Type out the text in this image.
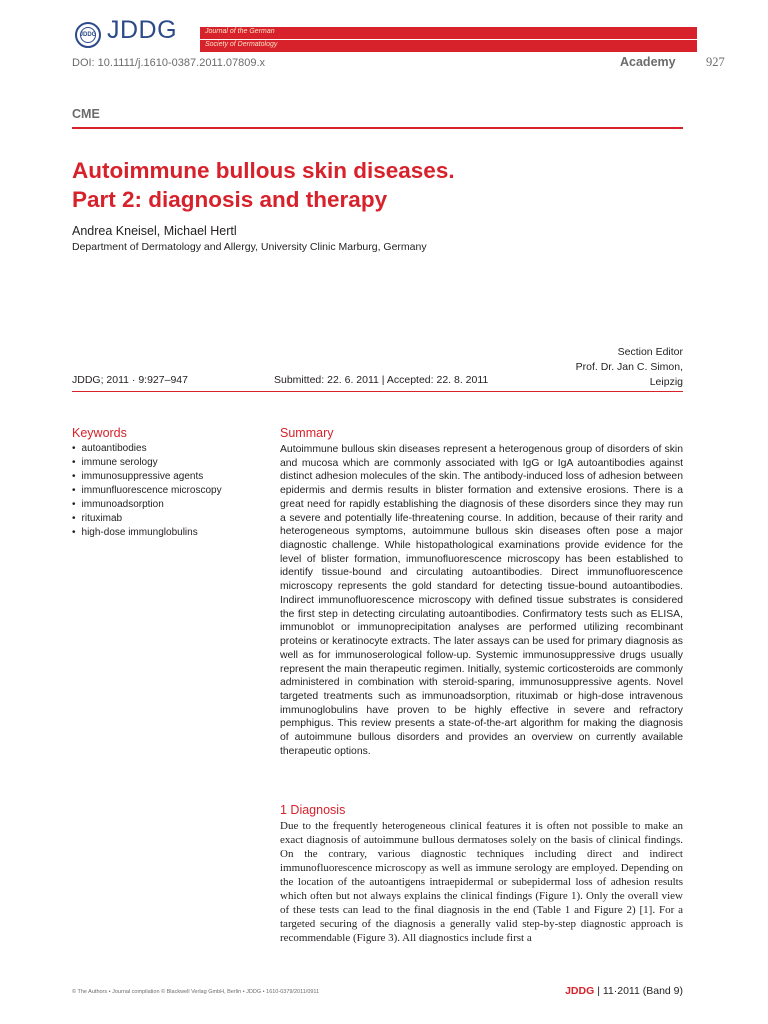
JDDG JDDG	Journal of the German
Society of Dermatology
DOI: 10.1111/j.1610-0387.2011.07809.x	Academy 927
CME
Autoimmune bullous skin diseases.
Part 2: diagnosis and therapy
Andrea Kneisel, Michael Hertl
Department of Dermatology and Allergy, University Clinic Marburg, Germany
Section Editor
Prof. Dr. Jan C. Simon,
Leipzig
JDDG; 2011 · 9:927–947	Submitted: 22. 6. 2011 | Accepted: 22. 8. 2011
Keywords
• autoantibodies
• immune serology
• immunosuppressive agents
• immunfluorescence microscopy
• immunoadsorption
• rituximab
• high-dose immunglobulins
Summary

Autoimmune bullous skin diseases represent a heterogenous group of disorders of skin and mucosa which are commonly associated with IgG or IgA autoantibodies against distinct adhesion molecules of the skin. The antibody-induced loss of adhesion between epidermis and dermis results in blister formation and extensive erosions. There is a great need for rapidly establishing the diagnosis of these disorders since they may run a severe and potentially life-threatening course. In addition, because of their rarity and heterogeneous symptoms, autoimmune bullous skin diseases often pose a major diagnostic challenge. While histopathological examinations provide evidence for the level of blister formation, immunofluorescence microscopy has been established to identify tissue-bound and circulating autoantibodies. Direct immunofluorescence microscopy represents the gold standard for detecting tissue-bound autoantibodies. Indirect immunofluorescence microscopy with defined tissue substrates is considered the first step in detecting circulating autoantibodies. Confirmatory tests such as ELISA, immunoblot or immunoprecipitation analyses are performed utilizing recombinant proteins or keratinocyte extracts. The later assays can be used for primary diagnosis as well as for immunoserological follow-up. Systemic immunosuppressive drugs usually represent the main therapeutic regimen. Initially, systemic corticosteroids are commonly administered in combination with steroid-sparing, immunosuppressive agents. Novel targeted treatments such as immunoadsorption, rituximab or high-dose intravenous immunoglobulins have proven to be highly effective in severe and refractory pemphigus. This review presents a state-of-the-art algorithm for making the diagnosis of autoimmune bullous disorders and provides an overview on currently available therapeutic options.

1 Diagnosis

Due to the frequently heterogeneous clinical features it is often not possible to make an exact diagnosis of autoimmune bullous dermatoses solely on the basis of clinical findings. On the contrary, various diagnostic techniques including direct and indirect immunofluorescence microscopy as well as immune serology are employed. Depending on the location of the autoantigens intraepidermal or subepidermal loss of adhesion results which often but not always explains the clinical findings (Figure 1). Only the overall view of these tests can lead to the final diagnosis in the end (Table 1 and Figure 2) [1]. For a targeted securing of the diagnosis a generally valid step-by-step diagnostic approach is recommendable (Figure 3). All diagnostics include first a

© The Authors • Journal compilation © Blackwell Verlag GmbH, Berlin • JDDG • 1610-0379/2011/0911	JDDG | 11·2011 (Band 9)
